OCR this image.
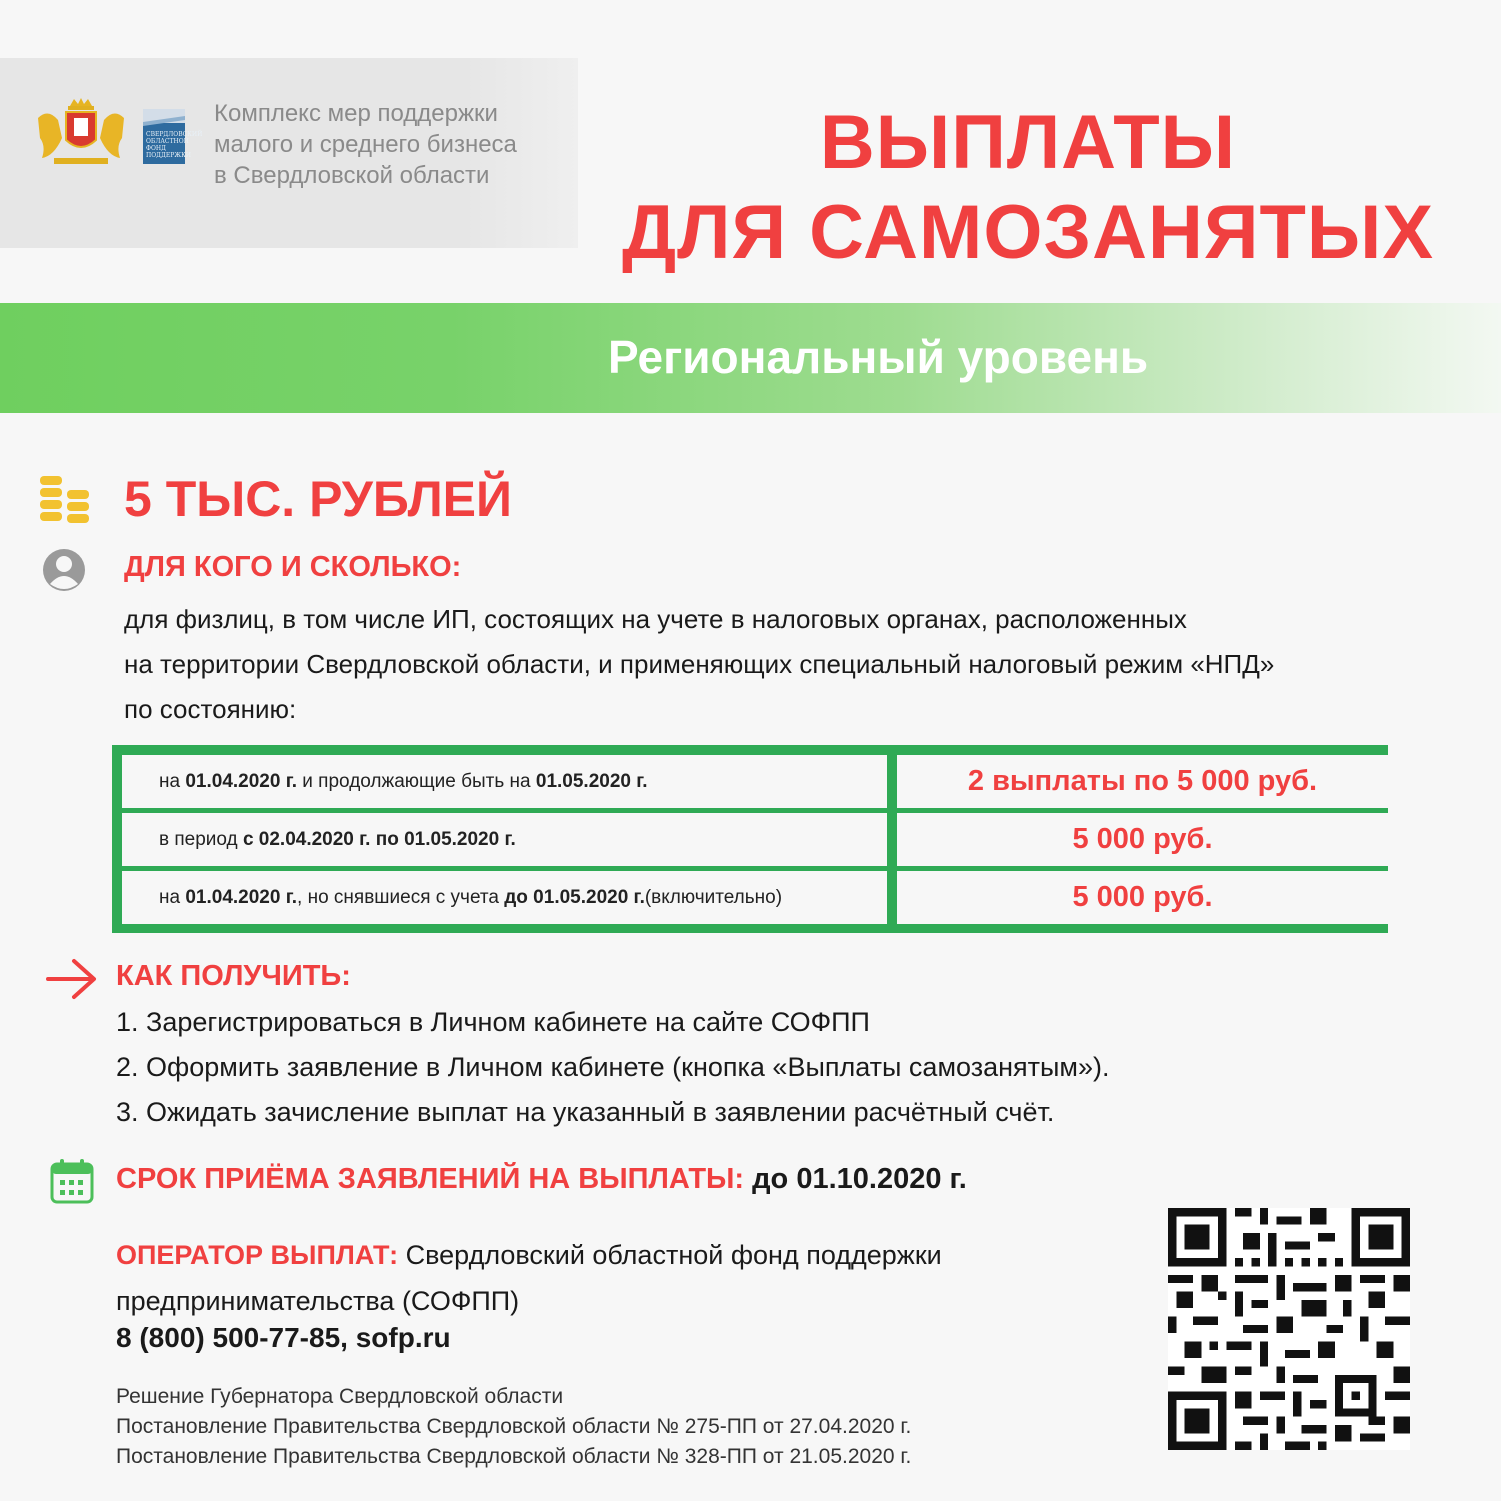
СВЕРДЛОВСКИЙ ОБЛАСТНОЙ ФОНД ПОДДЕРЖКИ
Комплекс мер поддержки
малого и среднего бизнеса
в Свердловской области	ВЫПЛАТЫ
ДЛЯ САМОЗАНЯТЫХ
Региональный уровень
5 ТЫС. РУБЛЕЙ
ДЛЯ КОГО И СКОЛЬКО:
для физлиц, в том числе ИП, состоящих на учете в налоговых органах, расположенных
на территории Свердловской области, и применяющих специальный налоговый режим «НПД»
по состоянию:
на 01.04.2020 г. и продолжающие быть на 01.05.2020 г.	2 выплаты по 5 000 руб.
в период с 02.04.2020 г. по 01.05.2020 г.	5 000 руб.
на 01.04.2020 г., но снявшиеся с учета до 01.05.2020 г.(включительно)	5 000 руб.
КАК ПОЛУЧИТЬ:
1. Зарегистрироваться в Личном кабинете на сайте СОФПП
2. Оформить заявление в Личном кабинете (кнопка «Выплаты самозанятым»).
3. Ожидать зачисление выплат на указанный в заявлении расчётный счёт.
СРОК ПРИЁМА ЗАЯВЛЕНИЙ НА ВЫПЛАТЫ: до 01.10.2020 г.
ОПЕРАТОР ВЫПЛАТ: Свердловский областной фонд поддержки предпринимательства (СОФПП)
8 (800) 500-77-85, sofp.ru
Решение Губернатора Свердловской области
Постановление Правительства Свердловской области № 275-ПП от 27.04.2020 г.
Постановление Правительства Свердловской области № 328-ПП от 21.05.2020 г.
